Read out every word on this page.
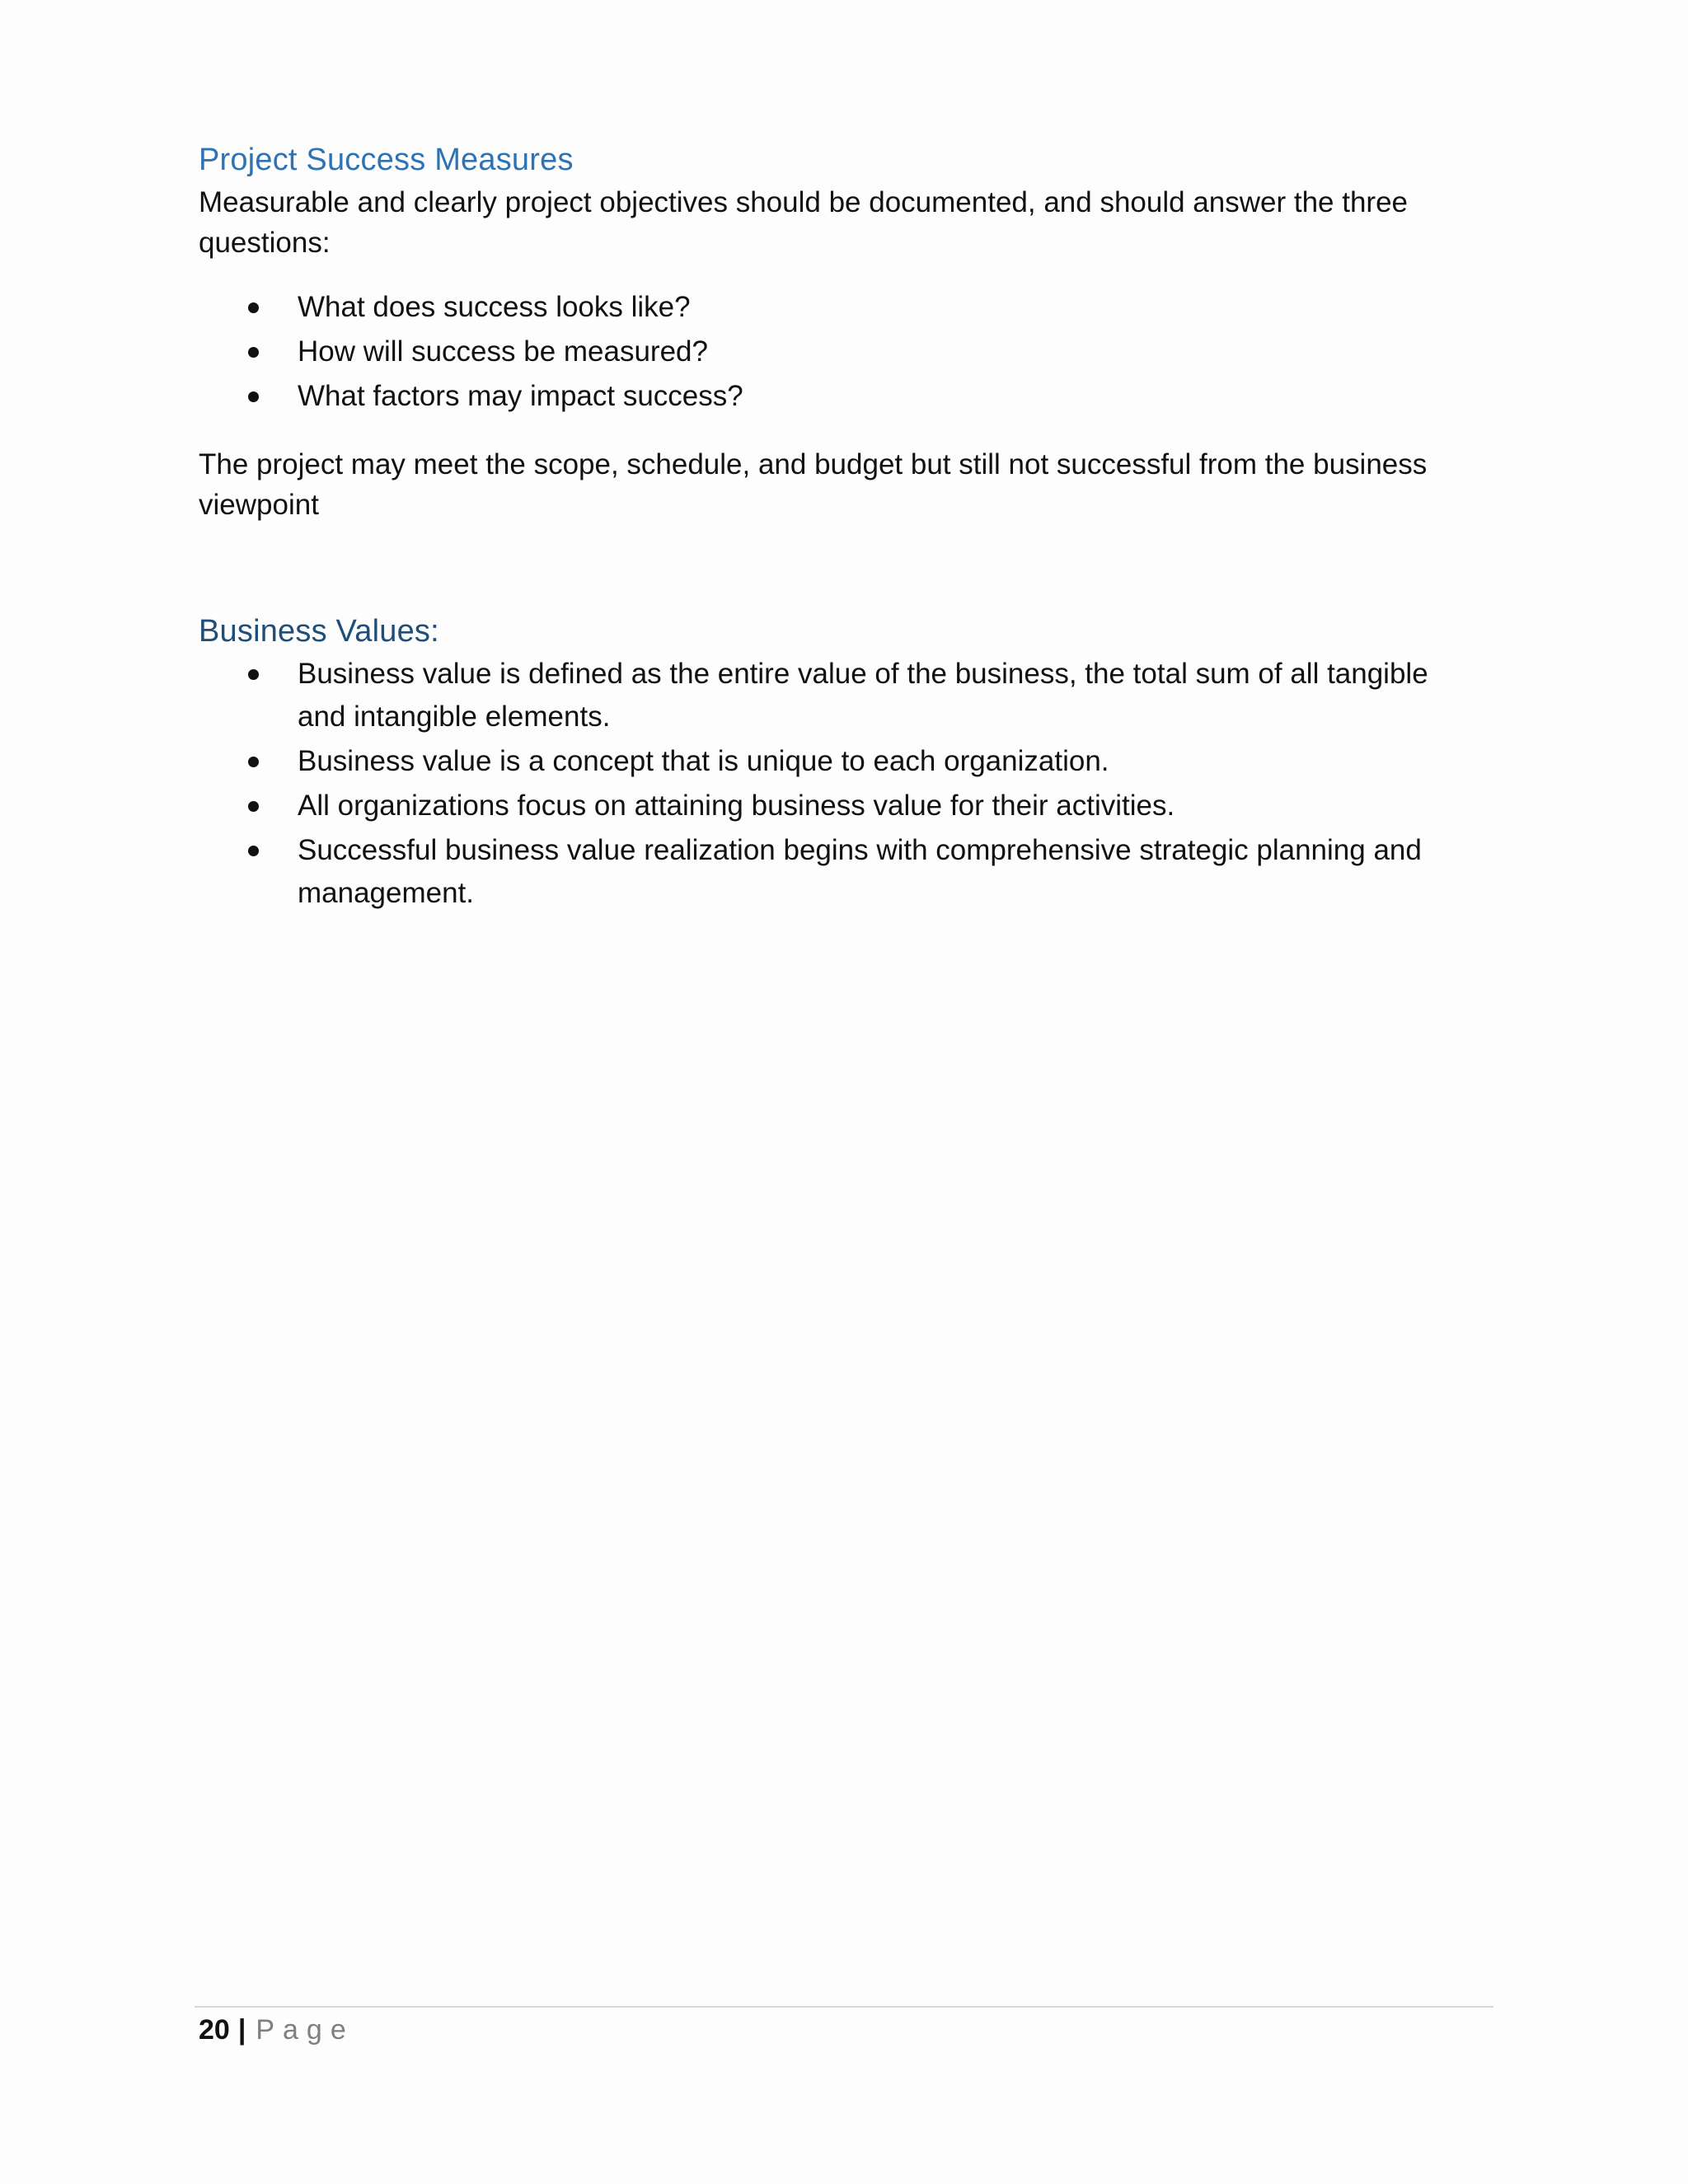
Project Success Measures

Measurable and clearly project objectives should be documented, and should answer the three questions:

What does success looks like?
How will success be measured?
What factors may impact success?

The project may meet the scope, schedule, and budget but still not successful from the business viewpoint

Business Values:
Business value is defined as the entire value of the business, the total sum of all tangible and intangible elements.
Business value is a concept that is unique to each organization.
All organizations focus on attaining business value for their activities.
Successful business value realization begins with comprehensive strategic planning and management.
20 | Page
